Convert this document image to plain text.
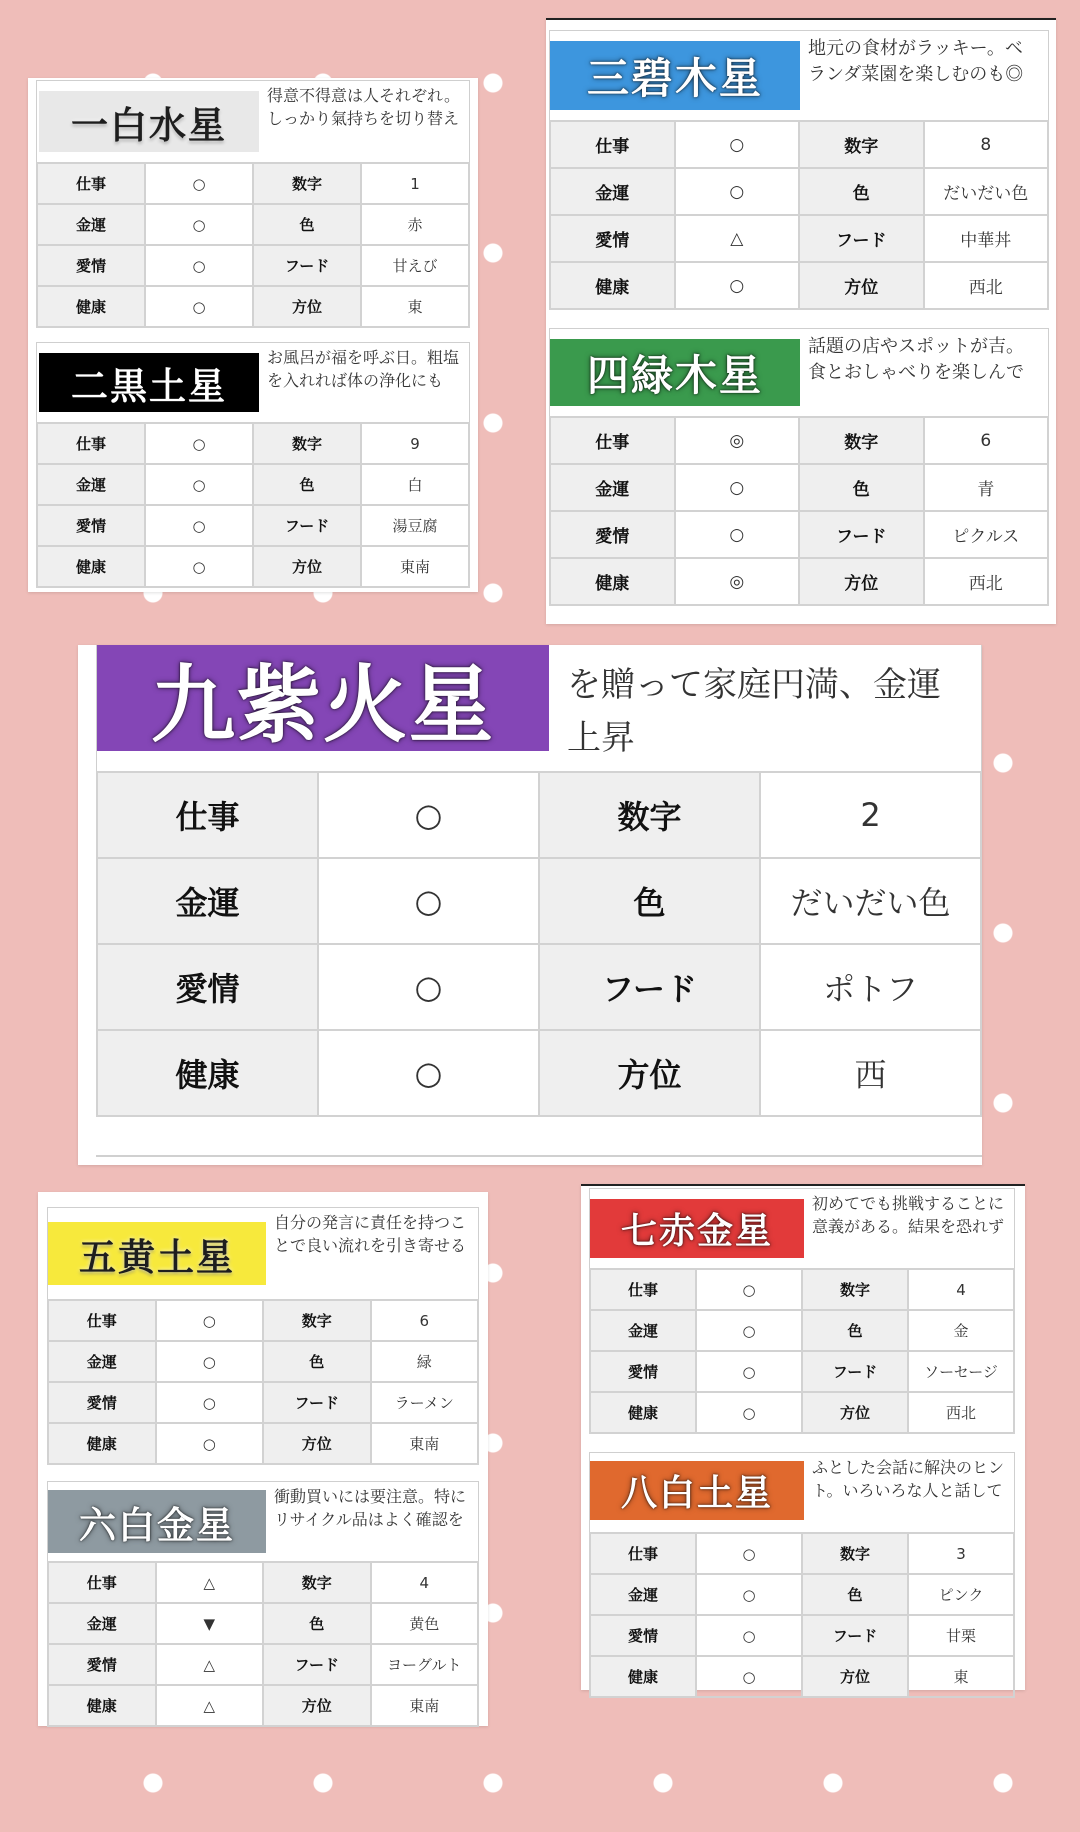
一白水星
得意不得意は人それぞれ。しっかり氣持ちを切り替え
仕事	○	数字	1
金運	○	色	赤
愛情	○	フード	甘えび
健康	○	方位	東
二黒土星
お風呂が福を呼ぶ日。粗塩を入れれば体の浄化にも
仕事	○	数字	9
金運	○	色	白
愛情	○	フード	湯豆腐
健康	○	方位	東南
三碧木星
地元の食材がラッキー。ベランダ菜園を楽しむのも◎
仕事	○	数字	8
金運	○	色	だいだい色
愛情	△	フード	中華丼
健康	○	方位	西北
四緑木星
話題の店やスポットが吉。食とおしゃべりを楽しんで
仕事	◎	数字	6
金運	○	色	青
愛情	○	フード	ピクルス
健康	◎	方位	西北
九紫火星	を贈って家庭円満、金運上昇
仕事	○	数字	2
金運	○	色	だいだい色
愛情	○	フード	ポトフ
健康	○	方位	西
五黄土星
自分の発言に責任を持つことで良い流れを引き寄せる
仕事	○	数字	6
金運	○	色	緑
愛情	○	フード	ラーメン
健康	○	方位	東南
六白金星
衝動買いには要注意。特にリサイクル品はよく確認を
仕事	△	数字	4
金運	▼	色	黄色
愛情	△	フード	ヨーグルト
健康	△	方位	東南
七赤金星
初めてでも挑戦することに意義がある。結果を恐れず
仕事	○	数字	4
金運	○	色	金
愛情	○	フード	ソーセージ
健康	○	方位	西北
八白土星
ふとした会話に解決のヒント。いろいろな人と話して
仕事	○	数字	3
金運	○	色	ピンク
愛情	○	フード	甘栗
健康	○	方位	東
